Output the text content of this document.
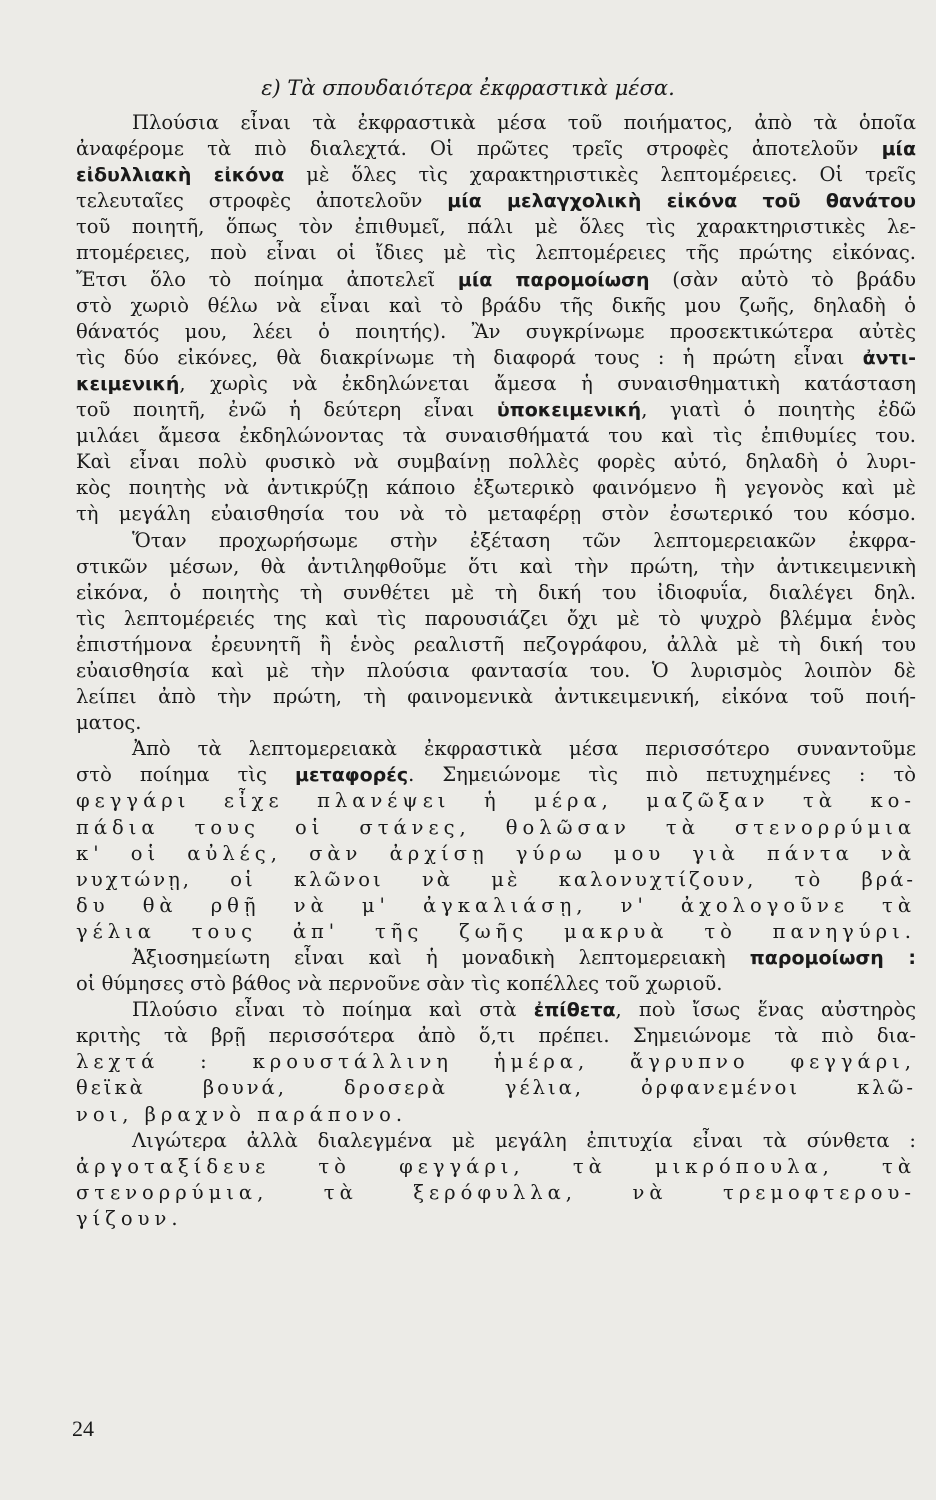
ε) Τὰ σπουδαιότερα ἐκφραστικὰ μέσα.
Πλούσια εἶναι τὰ ἐκφραστικὰ μέσα τοῦ ποιήματος, ἀπὸ τὰ ὁποῖα
ἀναφέρομε τὰ πιὸ διαλεχτά. Οἱ πρῶτες τρεῖς στροφὲς ἀποτελοῦν μία
εἰδυλλιακὴ εἰκόνα μὲ ὅλες τὶς χαρακτηριστικὲς λεπτομέρειες. Οἱ τρεῖς
τελευταῖες στροφὲς ἀποτελοῦν μία μελαγχολικὴ εἰκόνα τοῦ θανάτου
τοῦ ποιητῆ, ὅπως τὸν ἐπιθυμεῖ, πάλι μὲ ὅλες τὶς χαρακτηριστικὲς λε-
πτομέρειες, ποὺ εἶναι οἱ ἴδιες μὲ τὶς λεπτομέρειες τῆς πρώτης εἰκόνας.
Ἔτσι ὅλο τὸ ποίημα ἀποτελεῖ μία παρομοίωση (σὰν αὐτὸ τὸ βράδυ
στὸ χωριὸ θέλω νὰ εἶναι καὶ τὸ βράδυ τῆς δικῆς μου ζωῆς, δηλαδὴ ὁ
θάνατός μου, λέει ὁ ποιητής). Ἂν συγκρίνωμε προσεκτικώτερα αὐτὲς
τὶς δύο εἰκόνες, θὰ διακρίνωμε τὴ διαφορά τους : ἡ πρώτη εἶναι ἀντι-
κειμενική, χωρὶς νὰ ἐκδηλώνεται ἄμεσα ἡ συναισθηματικὴ κατάσταση
τοῦ ποιητῆ, ἐνῶ ἡ δεύτερη εἶναι ὑποκειμενική, γιατὶ ὁ ποιητὴς ἐδῶ
μιλάει ἄμεσα ἐκδηλώνοντας τὰ συναισθήματά του καὶ τὶς ἐπιθυμίες του.
Καὶ εἶναι πολὺ φυσικὸ νὰ συμβαίνῃ πολλὲς φορὲς αὐτό, δηλαδὴ ὁ λυρι-
κὸς ποιητὴς νὰ ἀντικρύζῃ κάποιο ἐξωτερικὸ φαινόμενο ἢ γεγονὸς καὶ μὲ
τὴ μεγάλη εὐαισθησία του νὰ τὸ μεταφέρῃ στὸν ἐσωτερικό του κόσμο.
Ὅταν προχωρήσωμε στὴν ἐξέταση τῶν λεπτομερειακῶν ἐκφρα-
στικῶν μέσων, θὰ ἀντιληφθοῦμε ὅτι καὶ τὴν πρώτη, τὴν ἀντικειμενικὴ
εἰκόνα, ὁ ποιητὴς τὴ συνθέτει μὲ τὴ δική του ἰδιοφυΐα, διαλέγει δηλ.
τὶς λεπτομέρειές της καὶ τὶς παρουσιάζει ὄχι μὲ τὸ ψυχρὸ βλέμμα ἑνὸς
ἐπιστήμονα ἐρευνητῆ ἢ ἑνὸς ρεαλιστῆ πεζογράφου, ἀλλὰ μὲ τὴ δική του
εὐαισθησία καὶ μὲ τὴν πλούσια φαντασία του. Ὁ λυρισμὸς λοιπὸν δὲ
λείπει ἀπὸ τὴν πρώτη, τὴ φαινομενικὰ ἀντικειμενική, εἰκόνα τοῦ ποιή-
ματος.
Ἀπὸ τὰ λεπτομερειακὰ ἐκφραστικὰ μέσα περισσότερο συναντοῦμε
στὸ ποίημα τὶς μεταφορές. Σημειώνομε τὶς πιὸ πετυχημένες : τὸ
φεγγάρι εἶχε πλανέψει ἡ μέρα, μαζῶξαν τὰ κο-
πάδια τους οἱ στάνες, θολῶσαν τὰ στενορρύμια
κ' οἱ αὐλές, σὰν ἀρχίσῃ γύρω μου γιὰ πάντα νὰ
νυχτώνῃ, οἱ κλῶνοι νὰ μὲ καλονυχτίζουν, τὸ βρά-
δυ θὰ ρθῇ νὰ μ' ἀγκαλιάσῃ, ν' ἀχολογοῦνε τὰ
γέλια τους ἀπ' τῆς ζωῆς μακρυὰ τὸ πανηγύρι.
Ἀξιοσημείωτη εἶναι καὶ ἡ μοναδικὴ λεπτομερειακὴ παρομοίωση :
οἱ θύμησες στὸ βάθος νὰ περνοῦνε σὰν τὶς κοπέλλες τοῦ χωριοῦ.
Πλούσιο εἶναι τὸ ποίημα καὶ στὰ ἐπίθετα, ποὺ ἴσως ἕνας αὐστηρὸς
κριτὴς τὰ βρῇ περισσότερα ἀπὸ ὅ,τι πρέπει. Σημειώνομε τὰ πιὸ δια-
λεχτά : κρουστάλλινη ἡμέρα, ἄγρυπνο φεγγάρι,
θεϊκὰ βουνά, δροσερὰ γέλια, ὀρφανεμένοι κλῶ-
νοι, βραχνὸ παράπονο.
Λιγώτερα ἀλλὰ διαλεγμένα μὲ μεγάλη ἐπιτυχία εἶναι τὰ σύνθετα :
ἀργοταξίδευε τὸ φεγγάρι, τὰ μικρόπουλα, τὰ
στενορρύμια, τὰ ξερόφυλλα, νὰ τρεμοφτερου-
γίζουν.
24
